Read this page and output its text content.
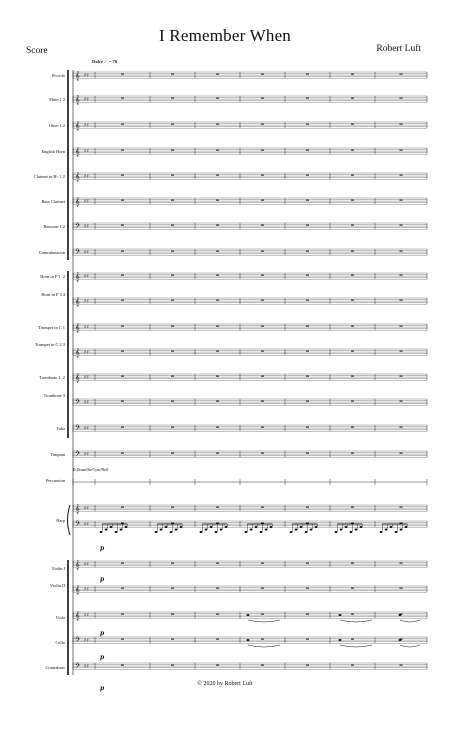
I Remember When
Score	Robert Luft
Dolce ♩= 76
Piccolo
Flute 1 2
Oboe 1 2
English Horn
Clarinet in B♭ 1 2
Bass Clarinet
Bassoon 1 2
Contrabassoon
Horn in F 1, 2
Horn in F 3 4
Trumpet in C 1
Trumpet in C 2 3
Trombone 1, 2
Trombone 3
Tuba
Timpani
Percussion
Harp
Violin I
Violin II
Viola
Cello
Contrabass
B.Drum/Sn/Cym/Bell
𝄞 ♯♯
𝄞 ♯♯
𝄞 ♯♯
𝄞 ♯♯
𝄞 ♯♯
𝄞 ♯♯
𝄢 ♯♯
𝄢 ♯♯
𝄞 ♯♯
𝄞 ♯♯
𝄞 ♯♯
𝄞 ♯♯
𝄞 ♯♯
𝄢 ♯♯
𝄢 ♯♯
𝄢 ♯♯
𝄞 ♯♯
𝄢 ♯♯
𝄞 ♯♯
𝄞 ♯♯
𝄞 ♯♯
𝄢 ♯♯
𝄢 ♯♯
p
p
p
p
p
© 2020 by Robert Luft
